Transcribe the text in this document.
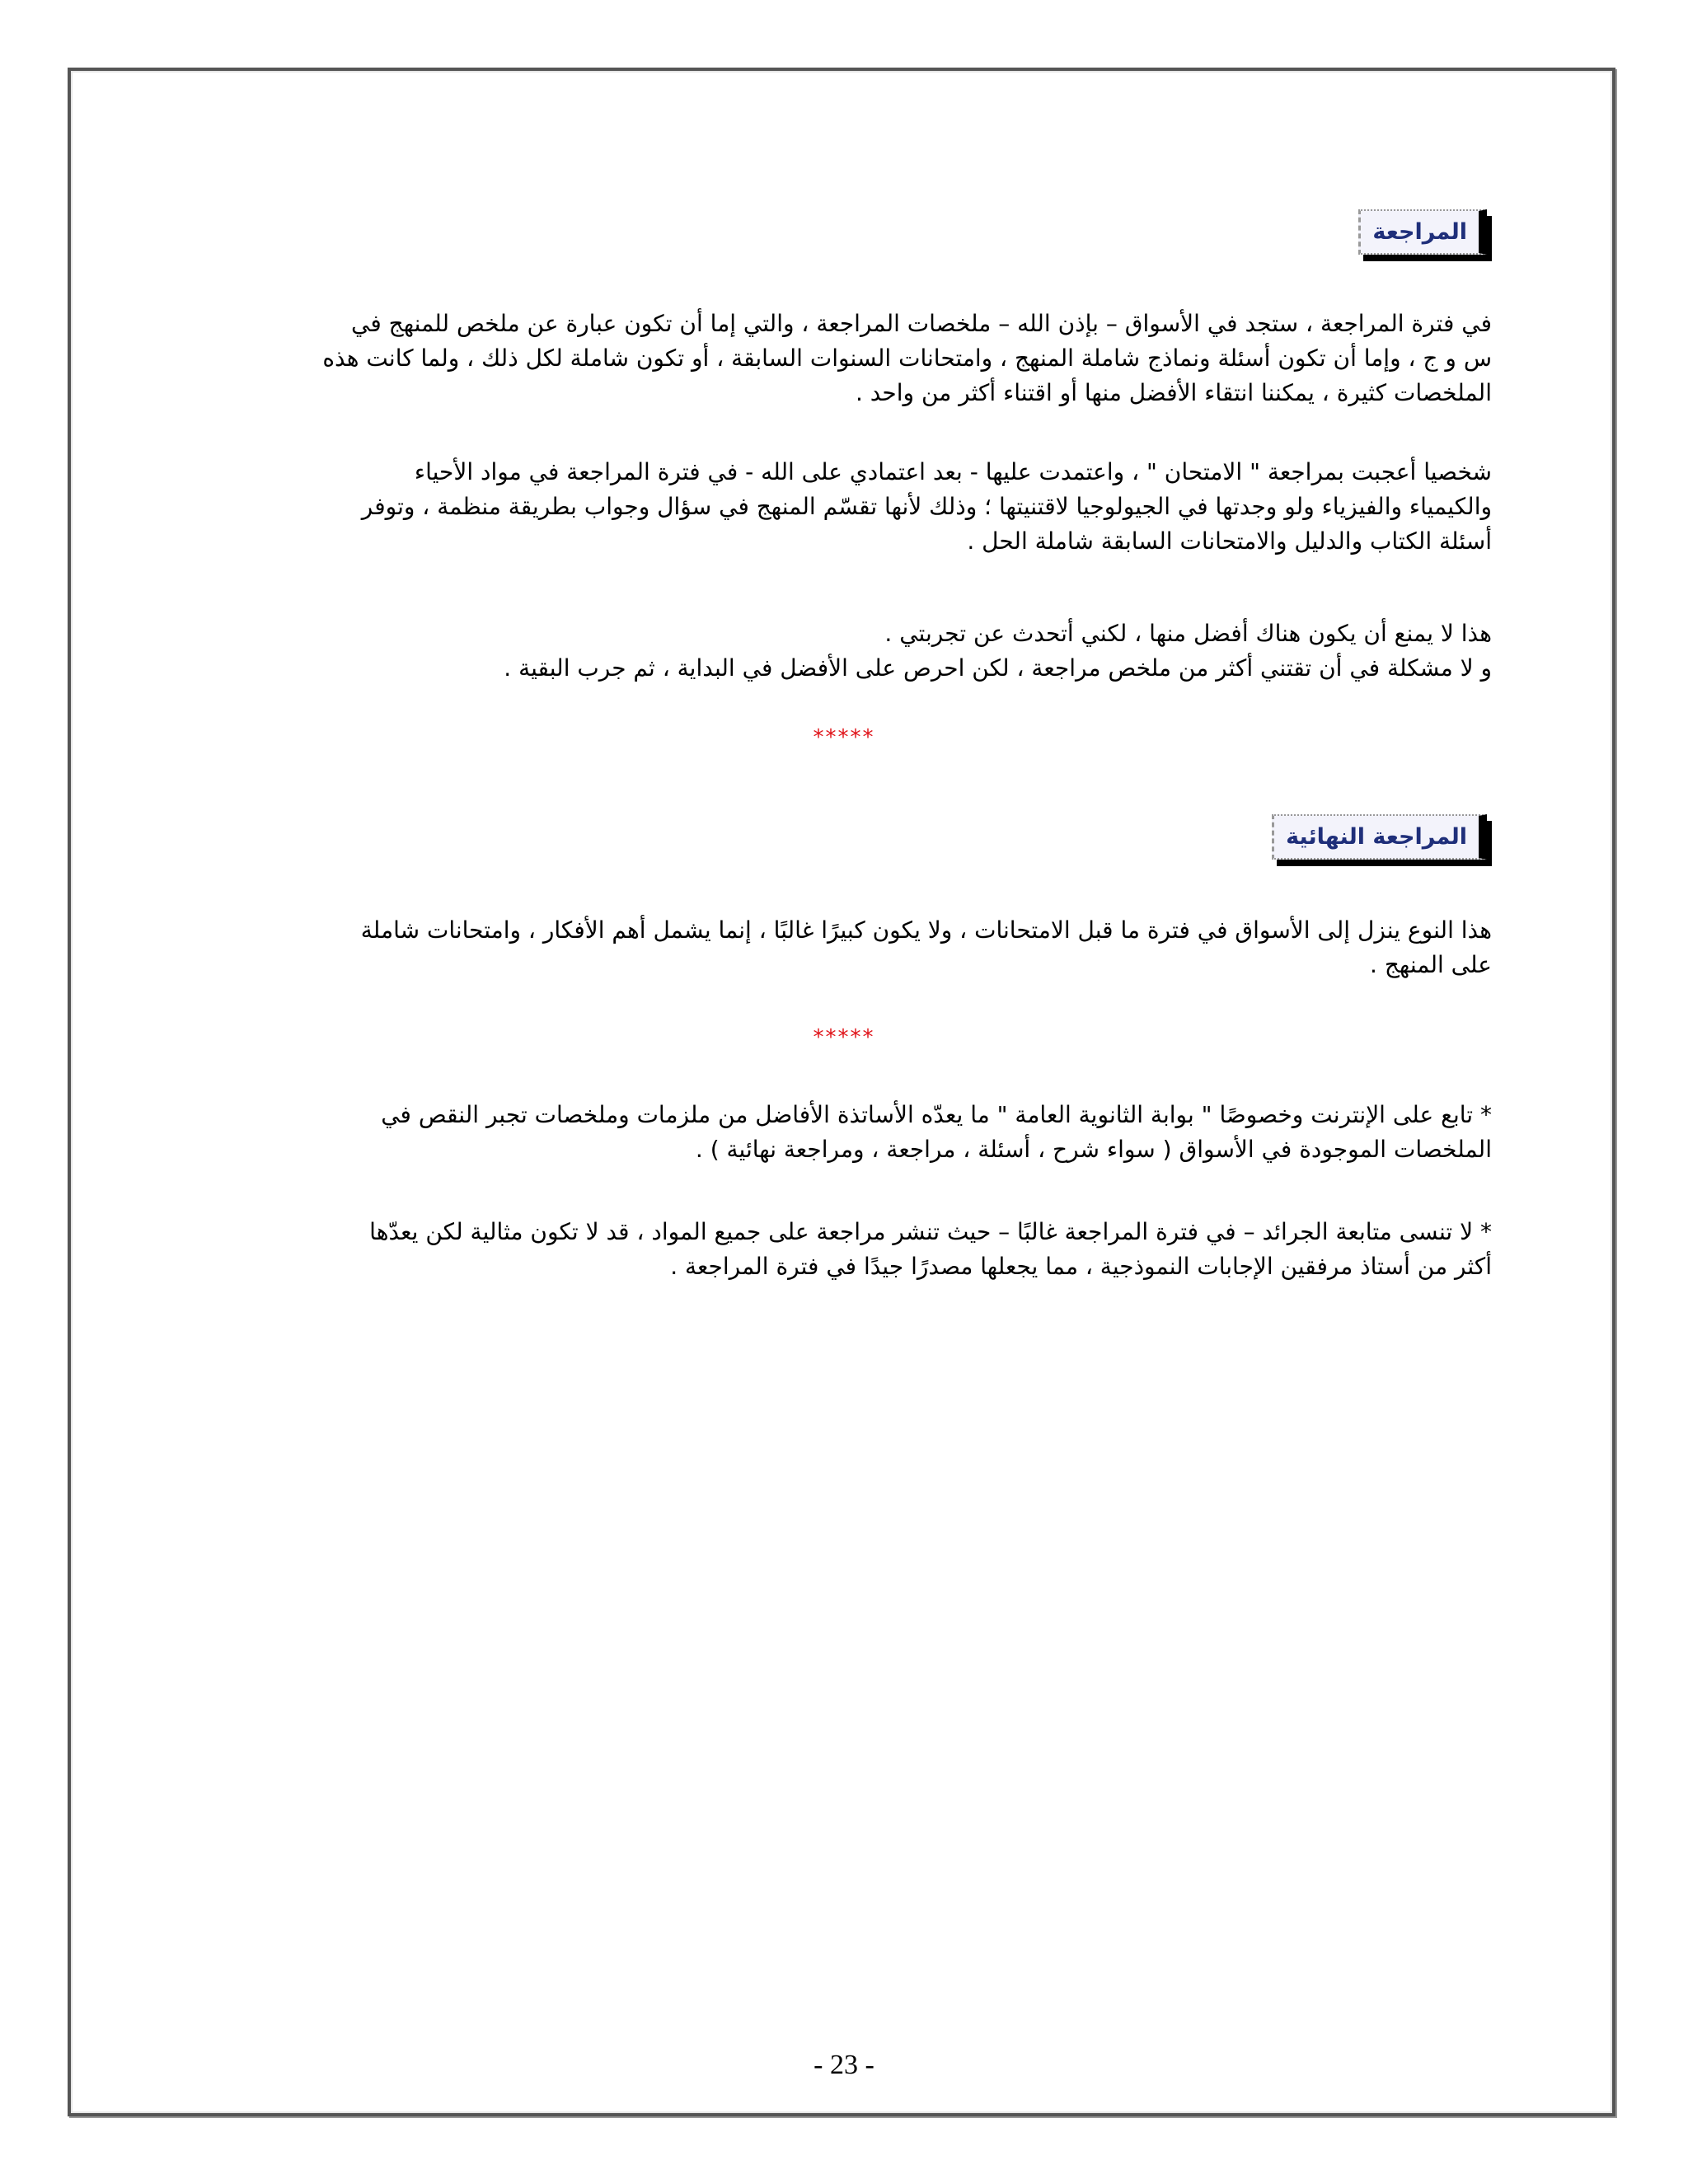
المراجعة
في فترة المراجعة ، ستجد في الأسواق – بإذن الله – ملخصات المراجعة ، والتي إما أن تكون عبارة عن ملخص للمنهج في
س و ج ، وإما أن تكون أسئلة ونماذج شاملة المنهج ، وامتحانات السنوات السابقة ، أو تكون شاملة لكل ذلك ، ولما كانت هذه
الملخصات كثيرة ، يمكننا انتقاء الأفضل منها أو اقتناء أكثر من واحد .
شخصيا أعجبت بمراجعة " الامتحان " ، واعتمدت عليها - بعد اعتمادي على الله - في فترة المراجعة في مواد الأحياء
والكيمياء والفيزياء ولو وجدتها في الجيولوجيا لاقتنيتها ؛ وذلك لأنها تقسّم المنهج في سؤال وجواب بطريقة منظمة ، وتوفر
أسئلة الكتاب والدليل والامتحانات السابقة شاملة الحل .
هذا لا يمنع أن يكون هناك أفضل منها ، لكني أتحدث عن تجربتي .
و لا مشكلة في أن تقتني أكثر من ملخص مراجعة ، لكن احرص على الأفضل في البداية ، ثم جرب البقية .
*****
المراجعة النهائية
هذا النوع ينزل إلى الأسواق في فترة ما قبل الامتحانات ، ولا يكون كبيرًا غالبًا ، إنما يشمل أهم الأفكار ، وامتحانات شاملة
على المنهج .
*****
* تابع على الإنترنت وخصوصًا " بوابة الثانوية العامة " ما يعدّه الأساتذة الأفاضل من ملزمات وملخصات تجبر النقص في
الملخصات الموجودة في الأسواق ( سواء شرح ، أسئلة ، مراجعة ، ومراجعة نهائية ) .
* لا تنسى متابعة الجرائد – في فترة المراجعة غالبًا – حيث تنشر مراجعة على جميع المواد ، قد لا تكون مثالية لكن يعدّها
أكثر من أستاذ مرفقين الإجابات النموذجية ، مما يجعلها مصدرًا جيدًا في فترة المراجعة .
- 23 -
